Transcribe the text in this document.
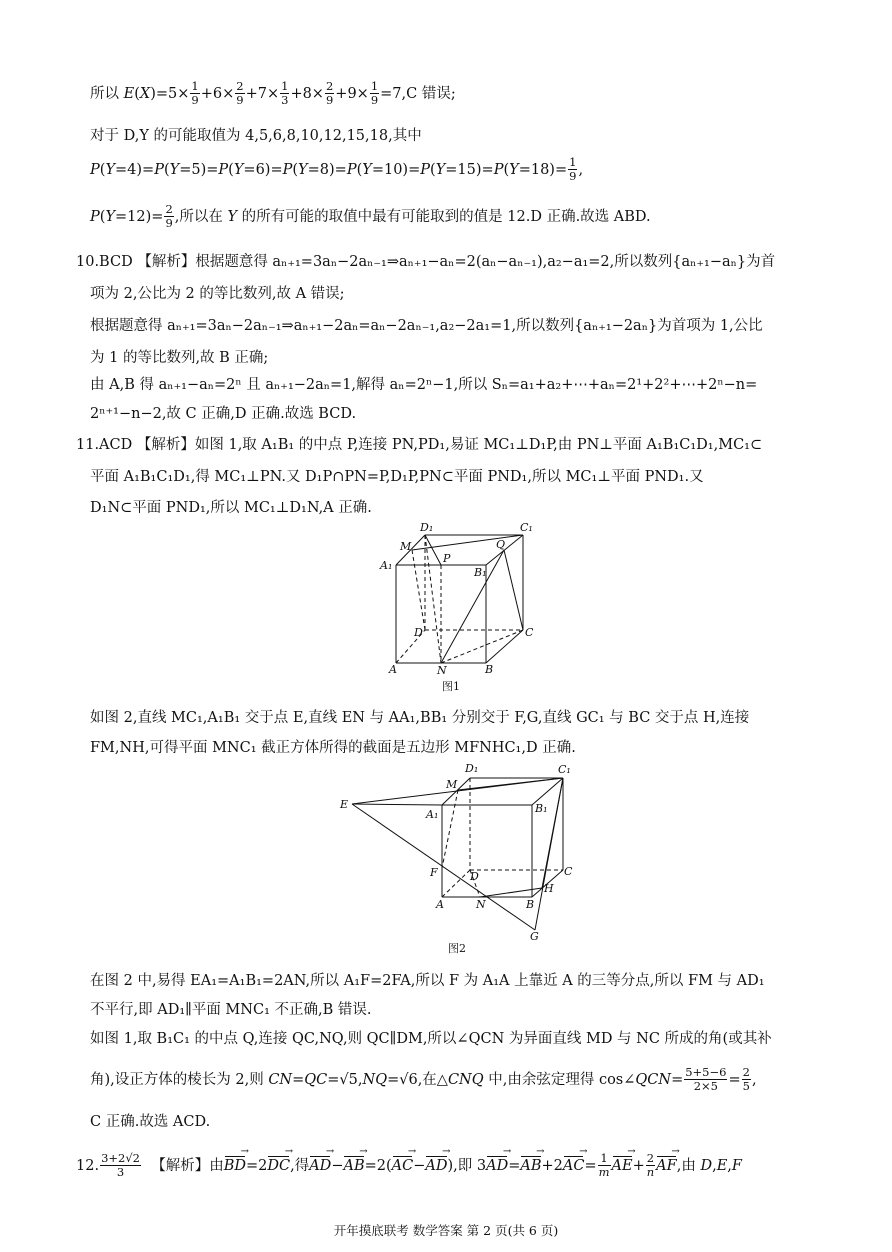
所以 $E(X)=5\times \frac{1}{9} +6\times \frac{2}{9} +7\times \frac{1}{3} +8\times \frac{2}{9} +9\times \frac{1}{9} =7,C$ 错误;
对于 D,Y 的可能取值为 4,5,6,8,10,12,15,18,其中
$P(Y=4)=P(Y=5)=P(Y=6)=P(Y=8)=P(Y=10)=P(Y=15)=P(Y=18)= \frac{1}{9}$ ,
$P(Y=12)= \frac{2}{9}$ ,所以在 Y 的所有可能的取值中最有可能取到的值是 12.D 正确.故选 ABD.
10.BCD 【解析】根据题意得 aₙ₊₁=3aₙ−2aₙ₋₁⇒aₙ₊₁−aₙ=2(aₙ−aₙ₋₁),a₂−a₁=2,所以数列{aₙ₊₁−aₙ}为首
项为 2,公比为 2 的等比数列,故 A 错误;
根据题意得 aₙ₊₁=3aₙ−2aₙ₋₁⇒aₙ₊₁−2aₙ=aₙ−2aₙ₋₁,a₂−2a₁=1,所以数列{aₙ₊₁−2aₙ}为首项为 1,公比
为 1 的等比数列,故 B 正确;
由 A,B 得 aₙ₊₁−aₙ=2ⁿ 且 aₙ₊₁−2aₙ=1,解得 aₙ=2ⁿ−1,所以 Sₙ=a₁+a₂+⋯+aₙ=2¹+2²+⋯+2ⁿ−n=
2ⁿ⁺¹−n−2,故 C 正确,D 正确.故选 BCD.
11.ACD 【解析】如图 1,取 A₁B₁ 的中点 P,连接 PN,PD₁,易证 MC₁⊥D₁P,由 PN⊥平面 A₁B₁C₁D₁,MC₁⊂
平面 A₁B₁C₁D₁,得 MC₁⊥PN.又 D₁P∩PN=P,D₁P,PN⊂平面 PND₁,所以 MC₁⊥平面 PND₁.又
D₁N⊂平面 PND₁,所以 MC₁⊥D₁N,A 正确.
D₁	C₁
M	Q
P
A₁
B₁
D	C
A	N	B
图1
如图 2,直线 MC₁,A₁B₁ 交于点 E,直线 EN 与 AA₁,BB₁ 分别交于 F,G,直线 GC₁ 与 BC 交于点 H,连接
FM,NH,可得平面 MNC₁ 截正方体所得的截面是五边形 MFNHC₁,D 正确.
D₁	C₁
M
E
A₁	B₁
F	D	C
H
A	N	B
G
图2
在图 2 中,易得 EA₁=A₁B₁=2AN,所以 A₁F=2FA,所以 F 为 A₁A 上靠近 A 的三等分点,所以 FM 与 AD₁
不平行,即 AD₁∥平面 MNC₁ 不正确,B 错误.
如图 1,取 B₁C₁ 的中点 Q,连接 QC,NQ,则 QC∥DM,所以∠QCN 为异面直线 MD 与 NC 所成的角(或其补
角),设正方体的棱长为 2,则 CN=QC=√5,NQ=√6,在△CNQ 中,由余弦定理得 cos∠QCN= $\frac{5+5-6}{2\times 5} = \frac{2}{5}$ ,
C 正确.故选 ACD.
12. $\frac{3+2√2}{3}$ 【解析】由BD →=2DC →,得AD →−AB →=2(AC →−AD →),即 $3AD \to=AB \to+2AC \to= \frac{1}{m}$ AE →+ $\frac{2}{n}$ AF →,由 D,E,F
开年摸底联考 数学答案 第 2 页(共 6 页)
